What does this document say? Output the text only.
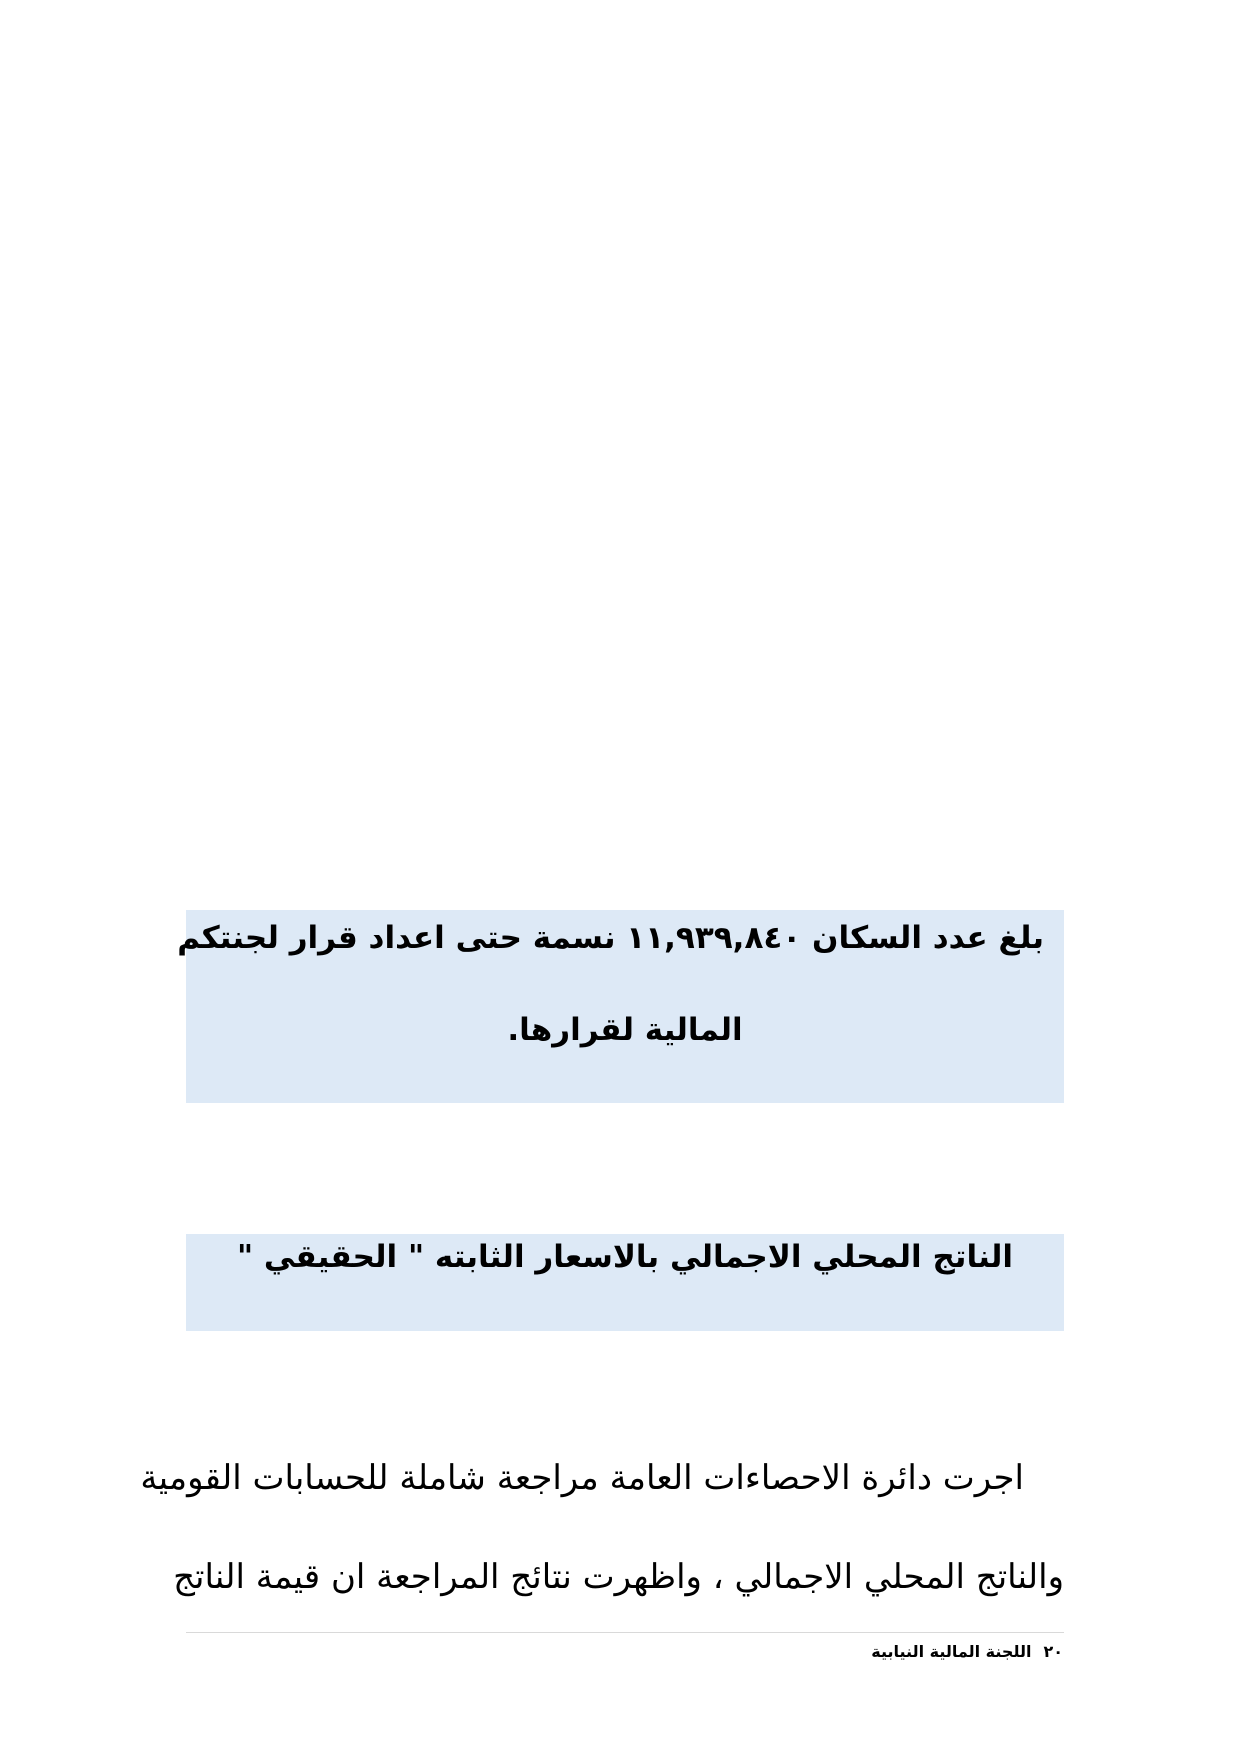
بلغ عدد السكان ١١,٩٣٩,٨٤٠ نسمة حتى اعداد قرار لجنتكم
المالية لقرارها.
الناتج المحلي الاجمالي بالاسعار الثابته " الحقيقي "
اجرت دائرة الاحصاءات العامة مراجعة شاملة للحسابات القومية
والناتج المحلي الاجمالي ، واظهرت نتائج المراجعة ان قيمة الناتج
٢٠اللجنة المالية النيابية
